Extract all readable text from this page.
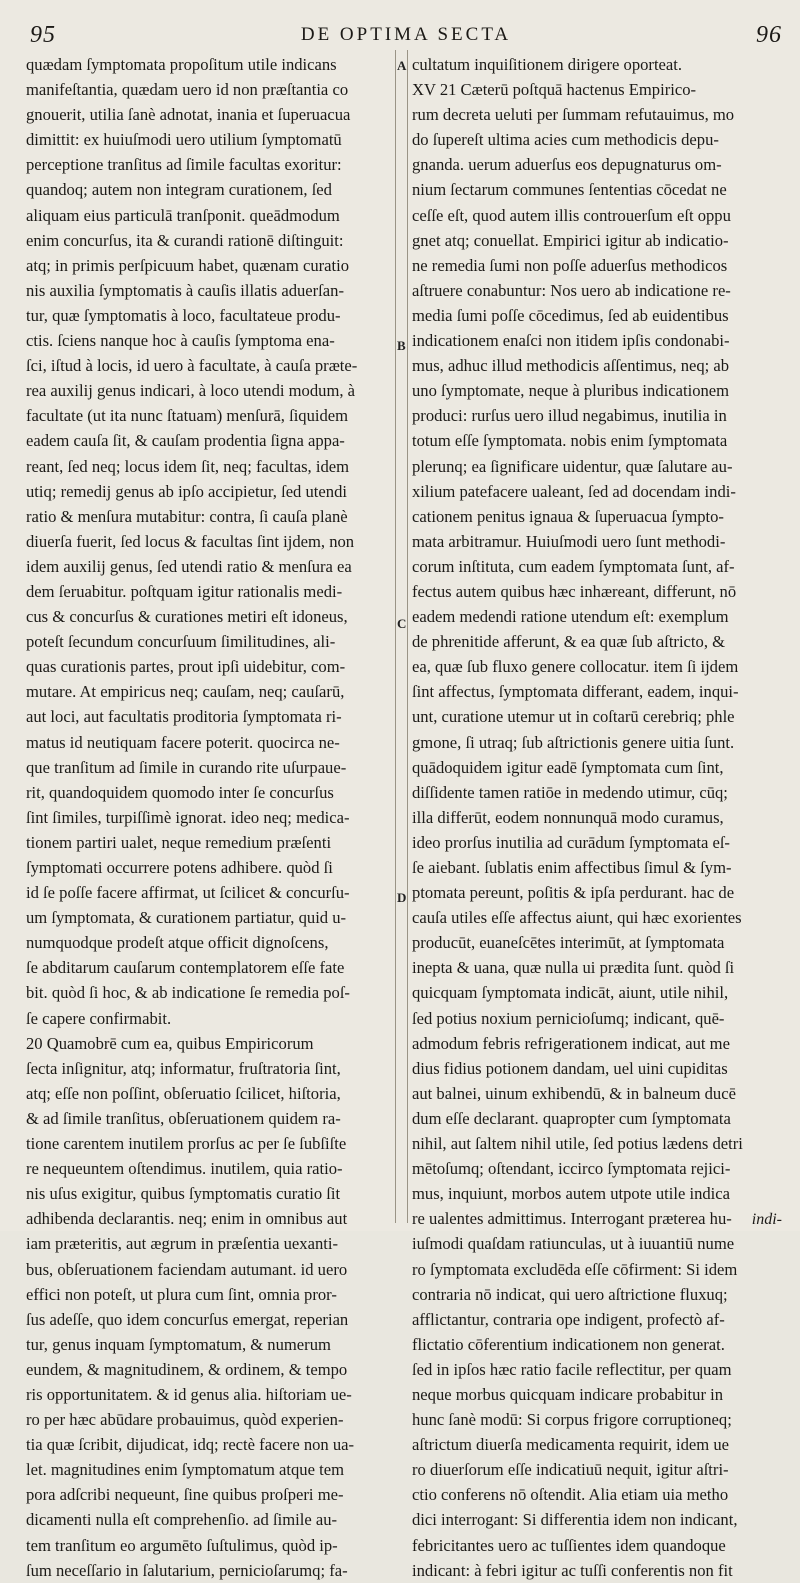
95	DE OPTIMA SECTA	96
A
B
C
D
quædam ſymptomata propoſitum utile indicans
manifeſtantia, quædam uero id non præſtantia co
gnouerit, utilia ſanè adnotat, inania et ſuperuacua
dimittit: ex huiuſmodi uero utilium ſymptomatū
perceptione tranſitus ad ſimile facultas exoritur:
quandoq; autem non integram curationem, ſed
aliquam eius particulā tranſponit. queādmodum
enim concurſus, ita & curandi rationē diſtinguit:
atq; in primis perſpicuum habet, quænam curatio
nis auxilia ſymptomatis à cauſis illatis aduerſan-
tur, quæ ſymptomatis à loco, facultateue produ-
ctis. ſciens nanque hoc à cauſis ſymptoma ena-
ſci, iſtud à locis, id uero à facultate, à cauſa præte-
rea auxilij genus indicari, à loco utendi modum, à
facultate (ut ita nunc ſtatuam) menſurā, ſiquidem
eadem cauſa ſit, & cauſam prodentia ſigna appa-
reant, ſed neq; locus idem ſit, neq; facultas, idem
utiq; remedij genus ab ipſo accipietur, ſed utendi
ratio & menſura mutabitur: contra, ſi cauſa planè
diuerſa fuerit, ſed locus & facultas ſint ijdem, non
idem auxilij genus, ſed utendi ratio & menſura ea
dem ſeruabitur. poſtquam igitur rationalis medi-
cus & concurſus & curationes metiri eſt idoneus,
poteſt ſecundum concurſuum ſimilitudines, ali-
quas curationis partes, prout ipſi uidebitur, com-
mutare. At empiricus neq; cauſam, neq; cauſarū,
aut loci, aut facultatis proditoria ſymptomata ri-
matus id neutiquam facere poterit. quocirca ne-
que tranſitum ad ſimile in curando rite uſurpaue-
rit, quandoquidem quomodo inter ſe concurſus
ſint ſimiles, turpiſſimè ignorat. ideo neq; medica-
tionem partiri ualet, neque remedium præſenti
ſymptomati occurrere potens adhibere. quòd ſi
id ſe poſſe facere affirmat, ut ſcilicet & concurſu-
um ſymptomata, & curationem partiatur, quid u-
numquodque prodeſt atque officit dignoſcens,
ſe abditarum cauſarum contemplatorem eſſe fate
bit. quòd ſi hoc, & ab indicatione ſe remedia poſ-
ſe capere confirmabit.
20 Quamobrē cum ea, quibus Empiricorum
ſecta inſignitur, atq; informatur, fruſtratoria ſint,
atq; eſſe non poſſint, obſeruatio ſcilicet, hiſtoria,
& ad ſimile tranſitus, obſeruationem quidem ra-
tione carentem inutilem prorſus ac per ſe ſubſiſte
re nequeuntem oſtendimus. inutilem, quia ratio-
nis uſus exigitur, quibus ſymptomatis curatio ſit
adhibenda declarantis. neq; enim in omnibus aut
iam præteritis, aut ægrum in præſentia uexanti-
bus, obſeruationem faciendam autumant. id uero
effici non poteſt, ut plura cum ſint, omnia pror-
ſus adeſſe, quo idem concurſus emergat, reperian
tur, genus inquam ſymptomatum, & numerum
eundem, & magnitudinem, & ordinem, & tempo
ris opportunitatem. & id genus alia. hiſtoriam ue-
ro per hæc abūdare probauimus, quòd experien-
tia quæ ſcribit, dijudicat, idq; rectè facere non ua-
let. magnitudines enim ſymptomatum atque tem
pora adſcribi nequeunt, ſine quibus proſperi me-
dicamenti nulla eſt comprehenſio. ad ſimile au-
tem tranſitum eo argumēto ſuſtulimus, quòd ip-
ſum neceſſario in ſalutarium, pernicioſarumq; fa-
cultatum inquiſitionem dirigere oporteat.
XV 21 Cæterū poſtquā hactenus Empirico-
rum decreta ueluti per ſummam refutauimus, mo
do ſupereſt ultima acies cum methodicis depu-
gnanda. uerum aduerſus eos depugnaturus om-
nium ſectarum communes ſententias cōcedat ne
ceſſe eſt, quod autem illis controuerſum eſt oppu
gnet atq; conuellat. Empirici igitur ab indicatio-
ne remedia ſumi non poſſe aduerſus methodicos
aſtruere conabuntur: Nos uero ab indicatione re-
media ſumi poſſe cōcedimus, ſed ab euidentibus
indicationem enaſci non itidem ipſis condonabi-
mus, adhuc illud methodicis aſſentimus, neq; ab
uno ſymptomate, neque à pluribus indicationem
produci: rurſus uero illud negabimus, inutilia in
totum eſſe ſymptomata. nobis enim ſymptomata
plerunq; ea ſignificare uidentur, quæ ſalutare au-
xilium patefacere ualeant, ſed ad docendam indi-
cationem penitus ignaua & ſuperuacua ſympto-
mata arbitramur. Huiuſmodi uero ſunt methodi-
corum inſtituta, cum eadem ſymptomata ſunt, af-
fectus autem quibus hæc inhæreant, differunt, nō
eadem medendi ratione utendum eſt: exemplum
de phrenitide afferunt, & ea quæ ſub aſtricto, &
ea, quæ ſub fluxo genere collocatur. item ſi ijdem
ſint affectus, ſymptomata differant, eadem, inqui-
unt, curatione utemur ut in coſtarū cerebriq; phle
gmone, ſi utraq; ſub aſtrictionis genere uitia ſunt.
quādoquidem igitur eadē ſymptomata cum ſint,
diſſidente tamen ratiōe in medendo utimur, cūq;
illa differūt, eodem nonnunquā modo curamus,
ideo prorſus inutilia ad curādum ſymptomata eſ-
ſe aiebant. ſublatis enim affectibus ſimul & ſym-
ptomata pereunt, poſitis & ipſa perdurant. hac de
cauſa utiles eſſe affectus aiunt, qui hæc exorientes
producūt, euaneſcētes interimūt, at ſymptomata
inepta & uana, quæ nulla ui prædita ſunt. quòd ſi
quicquam ſymptomata indicāt, aiunt, utile nihil,
ſed potius noxium pernicioſumq; indicant, quē-
admodum febris refrigerationem indicat, aut me
dius fidius potionem dandam, uel uini cupiditas
aut balnei, uinum exhibendū, & in balneum ducē
dum eſſe declarant. quapropter cum ſymptomata
nihil, aut ſaltem nihil utile, ſed potius lædens detri
mētoſumq; oſtendant, iccirco ſymptomata rejici-
mus, inquiunt, morbos autem utpote utile indica
re ualentes admittimus. Interrogant præterea hu-
iuſmodi quaſdam ratiunculas, ut à iuuantiū nume
ro ſymptomata excludēda eſſe cōfirment: Si idem
contraria nō indicat, qui uero aſtrictione fluxuq;
afflictantur, contraria ope indigent, profectò af-
flictatio cōferentium indicationem non generat.
ſed in ipſos hæc ratio facile reflectitur, per quam
neque morbus quicquam indicare probabitur in
hunc ſanè modū: Si corpus frigore corruptioneq;
aſtrictum diuerſa medicamenta requirit, idem ue
ro diuerſorum eſſe indicatiuū nequit, igitur aſtri-
ctio conferens nō oſtendit. Alia etiam uia metho
dici interrogant: Si differentia idem non indicant,
febricitantes uero ac tuſſientes idem quandoque
indicant: à febri igitur ac tuſſi conferentis non fit
indi-
